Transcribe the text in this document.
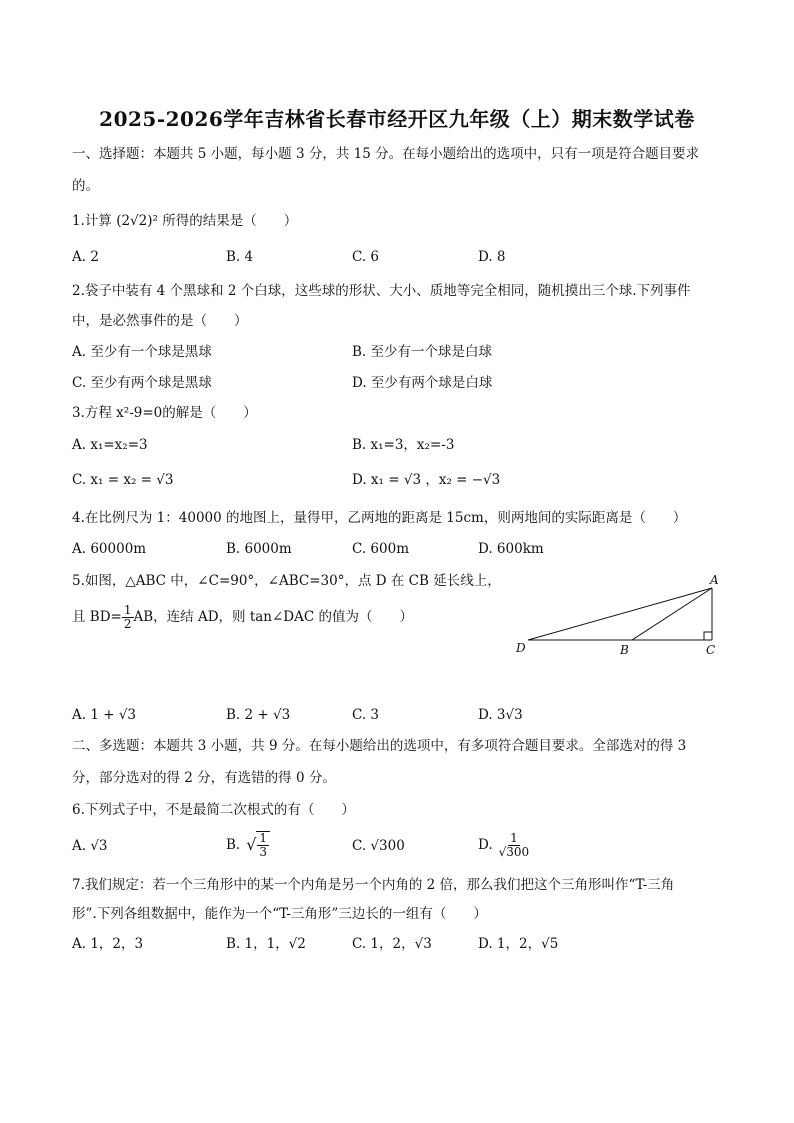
2025-2026学年吉林省长春市经开区九年级（上）期末数学试卷
一、选择题：本题共 5 小题，每小题 3 分，共 15 分。在每小题给出的选项中，只有一项是符合题目要求
的。
1.计算 (2√2)² 所得的结果是（　　）
A. 2	B. 4	C. 6	D. 8
2.袋子中装有 4 个黑球和 2 个白球，这些球的形状、大小、质地等完全相同，随机摸出三个球.下列事件
中，是必然事件的是（　　）
A. 至少有一个球是黑球	B. 至少有一个球是白球
C. 至少有两个球是黑球	D. 至少有两个球是白球
3.方程 x²-9=0的解是（　　）
A. x₁=x₂=3	B. x₁=3，x₂=-3
C. x₁ = x₂ = √3	D. x₁ = √3 ，x₂ = −√3
4.在比例尺为 1：40000 的地图上，量得甲，乙两地的距离是 15cm，则两地间的实际距离是（　　）
A. 60000m	B. 6000m	C. 600m	D. 600km
5.如图，△ABC 中，∠C=90°，∠ABC=30°，点 D 在 CB 延长线上，
且 $BD= \frac{1}{2}$ AB，连结 AD，则 tan∠DAC 的值为（　　）
A
B	C
D
A. 1 + √3	B. 2 + √3	C. 3	D. 3√3
二、多选题：本题共 3 小题，共 9 分。在每小题给出的选项中，有多项符合题目要求。全部选对的得 3
分，部分选对的得 2 分，有选错的得 0 分。
6.下列式子中，不是最简二次根式的有（　　）
A. √3	B. √ $\frac{1}{3}$	C. √300	D. $\frac{1}{√300}$
7.我们规定：若一个三角形中的某一个内角是另一个内角的 2 倍，那么我们把这个三角形叫作“T-三角
形”.下列各组数据中，能作为一个“T-三角形”三边长的一组有（　　）
A. 1，2，3	B. 1，1，√2	C. 1，2，√3	D. 1，2，√5
